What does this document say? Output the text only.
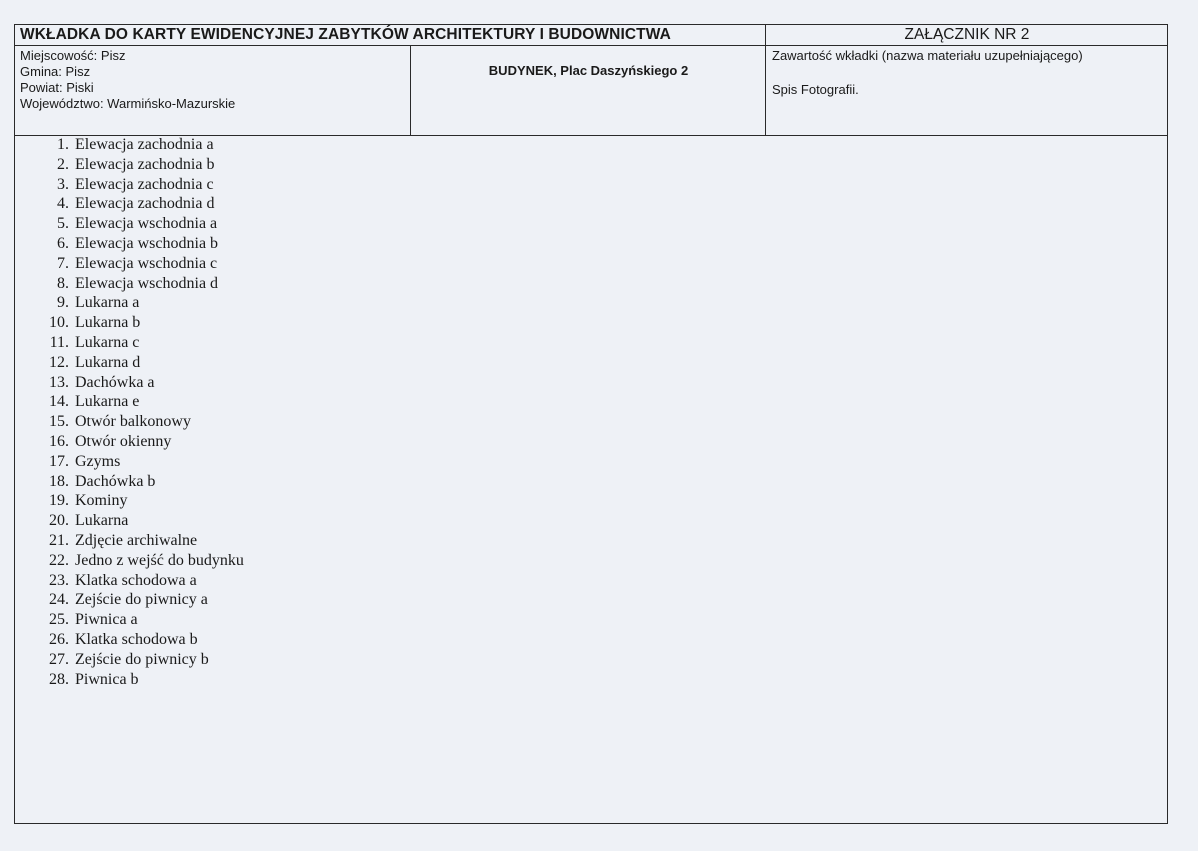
WKŁADKA DO KARTY EWIDENCYJNEJ ZABYTKÓW ARCHITEKTURY I BUDOWNICTWA	ZAŁĄCZNIK NR 2
Miejscowość: Pisz
Gmina: Pisz
Powiat: Piski
Województwo: Warmińsko-Mazurskie
BUDYNEK, Plac Daszyńskiego 2
Zawartość wkładki (nazwa materiału uzupełniającego)
Spis Fotografii.
1. Elewacja zachodnia a
2. Elewacja zachodnia b
3. Elewacja zachodnia c
4. Elewacja zachodnia d
5. Elewacja wschodnia a
6. Elewacja wschodnia b
7. Elewacja wschodnia c
8. Elewacja wschodnia d
9. Lukarna a
10. Lukarna b
11. Lukarna c
12. Lukarna d
13. Dachówka a
14. Lukarna e
15. Otwór balkonowy
16. Otwór okienny
17. Gzyms
18. Dachówka b
19. Kominy
20. Lukarna
21. Zdjęcie archiwalne
22. Jedno z wejść do budynku
23. Klatka schodowa a
24. Zejście do piwnicy a
25. Piwnica a
26. Klatka schodowa b
27. Zejście do piwnicy b
28. Piwnica b
